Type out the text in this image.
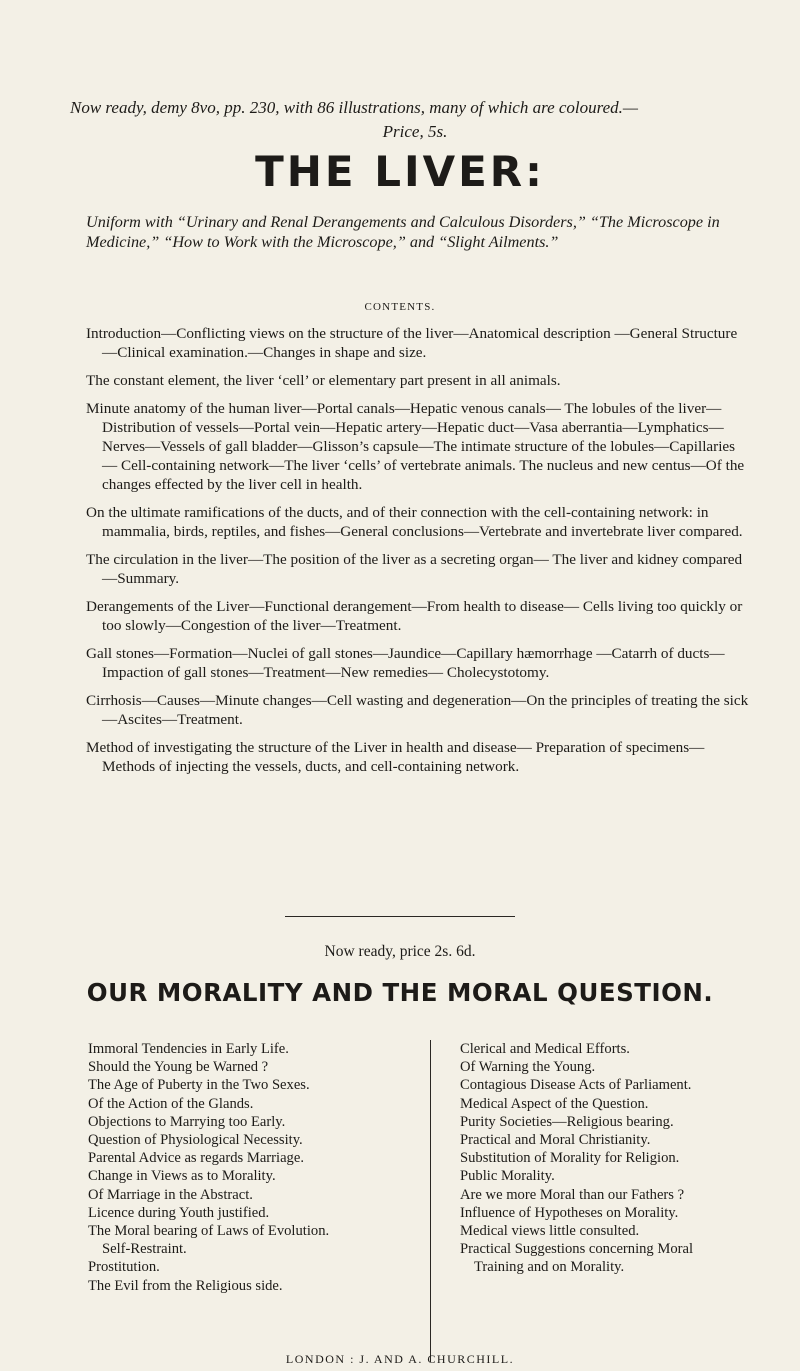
Now ready, demy 8vo, pp. 230, with 86 illustrations, many of which are coloured.—
Price, 5s.
THE LIVER:
Uniform with “Urinary and Renal Derangements and Calculous Disorders,” “The Microscope in Medicine,” “How to Work with the Microscope,” and “Slight Ailments.”
CONTENTS.

Introduction—Conflicting views on the structure of the liver—Anatomical description —General Structure—Clinical examination.—Changes in shape and size.

The constant element, the liver ‘cell’ or elementary part present in all animals.

Minute anatomy of the human liver—Portal canals—Hepatic venous canals— The lobules of the liver—Distribution of vessels—Portal vein—Hepatic artery—Hepatic duct—Vasa aberrantia—Lymphatics—Nerves—Vessels of gall bladder—Glisson’s capsule—The intimate structure of the lobules—Capillaries— Cell-containing network—The liver ‘cells’ of vertebrate animals. The nucleus and new centus—Of the changes effected by the liver cell in health.

On the ultimate ramifications of the ducts, and of their connection with the cell-containing network: in mammalia, birds, reptiles, and fishes—General conclusions—Vertebrate and invertebrate liver compared.

The circulation in the liver—The position of the liver as a secreting organ— The liver and kidney compared—Summary.

Derangements of the Liver—Functional derangement—From health to disease— Cells living too quickly or too slowly—Congestion of the liver—Treatment.

Gall stones—Formation—Nuclei of gall stones—Jaundice—Capillary hæmorrhage —Catarrh of ducts—Impaction of gall stones—Treatment—New remedies— Cholecystotomy.

Cirrhosis—Causes—Minute changes—Cell wasting and degeneration—On the principles of treating the sick—Ascites—Treatment.

Method of investigating the structure of the Liver in health and disease— Preparation of specimens—Methods of injecting the vessels, ducts, and cell-containing network.

Now ready, price 2s. 6d.
OUR MORALITY AND THE MORAL QUESTION.
Immoral Tendencies in Early Life.
Should the Young be Warned ?
The Age of Puberty in the Two Sexes.
Of the Action of the Glands.
Objections to Marrying too Early.
Question of Physiological Necessity.
Parental Advice as regards Marriage.
Change in Views as to Morality.
Of Marriage in the Abstract.
Licence during Youth justified.
The Moral bearing of Laws of Evolution.
Self-Restraint.
Prostitution.
The Evil from the Religious side.
Clerical and Medical Efforts.
Of Warning the Young.
Contagious Disease Acts of Parliament.
Medical Aspect of the Question.
Purity Societies—Religious bearing.
Practical and Moral Christianity.
Substitution of Morality for Religion.
Public Morality.
Are we more Moral than our Fathers ?
Influence of Hypotheses on Morality.
Medical views little consulted.
Practical Suggestions concerning Moral
Training and on Morality.
LONDON : J. AND A. CHURCHILL.
